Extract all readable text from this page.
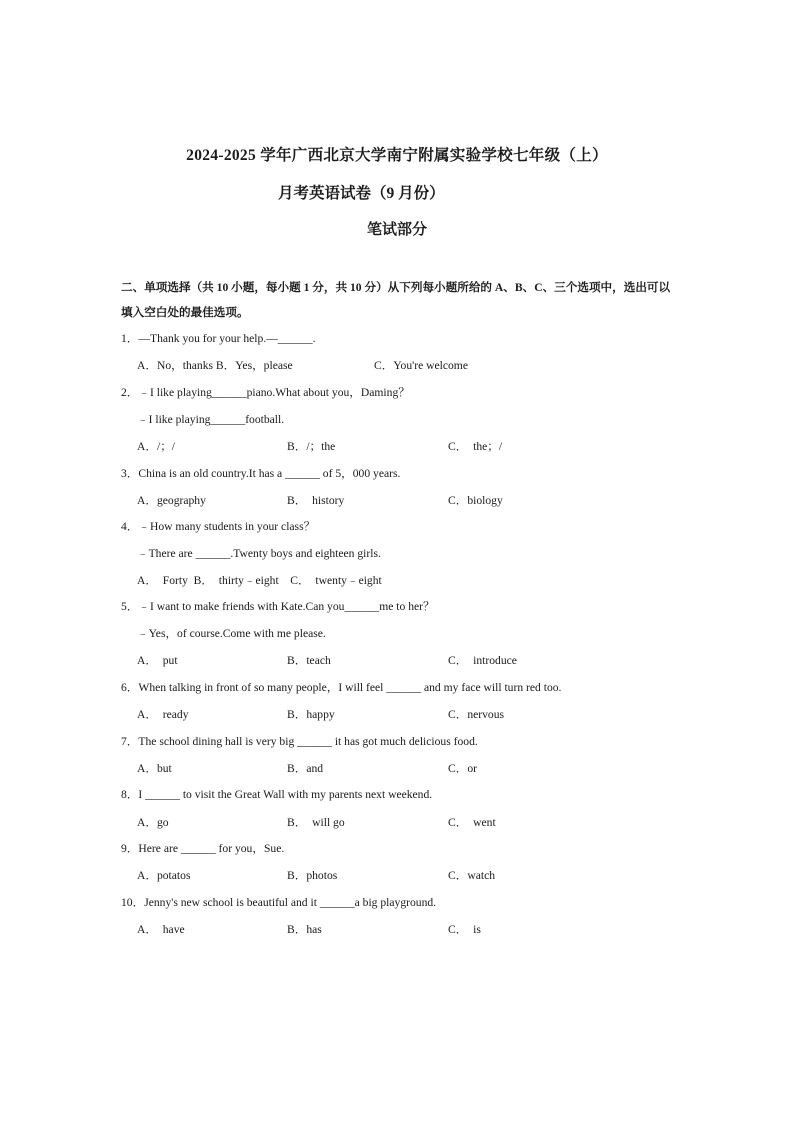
2024-2025 学年广西北京大学南宁附属实验学校七年级（上）
月考英语试卷（9 月份）
笔试部分
二、单项选择（共 10 小题，每小题 1 分，共 10 分）从下列每小题所给的 A、B、C、三个选项中，选出可以填入空白处的最佳选项。
1．—Thank you for your help.—______.
A．No，thanks B．Yes，please	C．You're welcome
2．﹣I like playing______piano.What about you，Daming？
﹣I like playing______football.
A．/；/	B．/；the	C．  the；/
3．China is an old country.It has a ______ of 5，000 years.
A．geography	B．  history	C．biology
4．﹣How many students in your class？
﹣There are ______.Twenty boys and eighteen girls.
A．  Forty  B．  thirty﹣eight    C．  twenty﹣eight
5．﹣I want to make friends with Kate.Can you______me to her？
﹣Yes，of course.Come with me please.
A．  put	B．teach	C．  introduce
6．When talking in front of so many people，I will feel ______ and my face will turn red too.
A．  ready	B．happy	C．nervous
7．The school dining hall is very big ______ it has got much delicious food.
A．but	B．and	C．or
8．I ______ to visit the Great Wall with my parents next weekend.
A．go	B．  will go	C．  went
9．Here are ______ for you，Sue.
A．potatos	B．photos	C．watch
10．Jenny's new school is beautiful and it ______a big playground.
A．  have	B．has	C．  is
